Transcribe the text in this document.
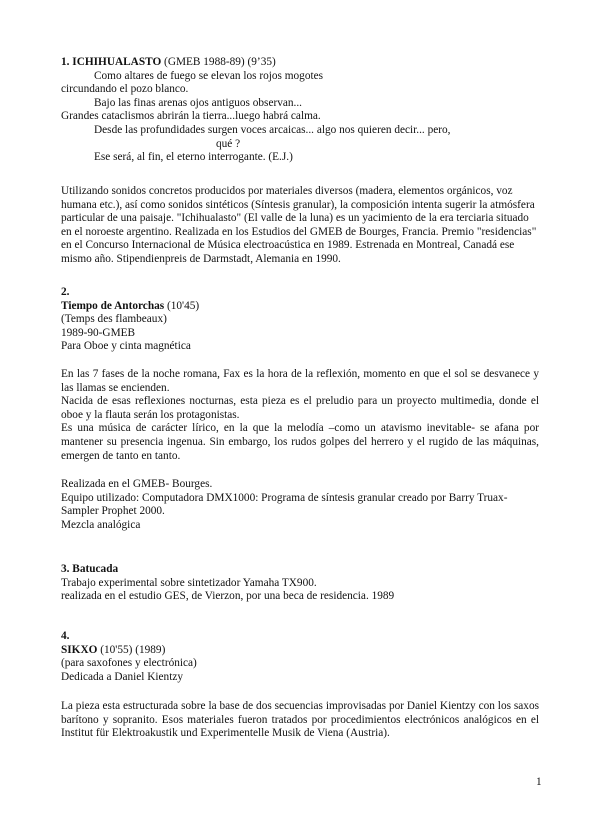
1. ICHIHUALASTO (GMEB 1988-89) (9’35)

Como altares de fuego se elevan los rojos mogotes

circundando el pozo blanco.

Bajo las finas arenas ojos antiguos observan...

Grandes cataclismos abrirán la tierra...luego habrá calma.

Desde las profundidades surgen voces arcaicas... algo nos quieren decir... pero,

qué ?

Ese será, al fin, el eterno interrogante. (E.J.)

Utilizando sonidos concretos producidos por materiales diversos (madera, elementos orgánicos, voz humana etc.), así como sonidos sintéticos (Síntesis granular), la composición intenta sugerir la atmósfera particular de una paisaje. "Ichihualasto" (El valle de la luna) es un yacimiento de la era terciaria situado en el noroeste argentino. Realizada en los Estudios del GMEB de Bourges, Francia. Premio "residencias" en el Concurso Internacional de Música electroacústica en 1989. Estrenada en Montreal, Canadá ese mismo año. Stipendienpreis de Darmstadt, Alemania en 1990.

2.

Tiempo de Antorchas (10'45)

(Temps des flambeaux)

1989-90-GMEB

Para Oboe y cinta magnética

En las 7 fases de la noche romana, Fax es la hora de la reflexión, momento en que el sol se desvanece y las llamas se encienden.

Nacida de esas reflexiones nocturnas, esta pieza es el preludio para un proyecto multimedia, donde el oboe y la flauta serán los protagonistas.

Es una música de carácter lírico, en la que la melodía –como un atavismo inevitable- se afana por mantener su presencia ingenua. Sin embargo, los rudos golpes del herrero y el rugido de las máquinas, emergen de tanto en tanto.

Realizada en el GMEB- Bourges.

Equipo utilizado: Computadora DMX1000: Programa de síntesis granular creado por Barry Truax-Sampler Prophet 2000.

Mezcla analógica

3. Batucada

Trabajo experimental sobre sintetizador Yamaha TX900.

realizada en el estudio GES, de Vierzon, por una beca de residencia. 1989

4.

SIKXO (10'55) (1989)

(para saxofones y electrónica)

Dedicada a Daniel Kientzy

La pieza esta estructurada sobre la base de dos secuencias improvisadas por Daniel Kientzy con los saxos barítono y sopranito. Esos materiales fueron tratados por procedimientos electrónicos analógicos en el Institut für Elektroakustik und Experimentelle Musik de Viena (Austria).

1
